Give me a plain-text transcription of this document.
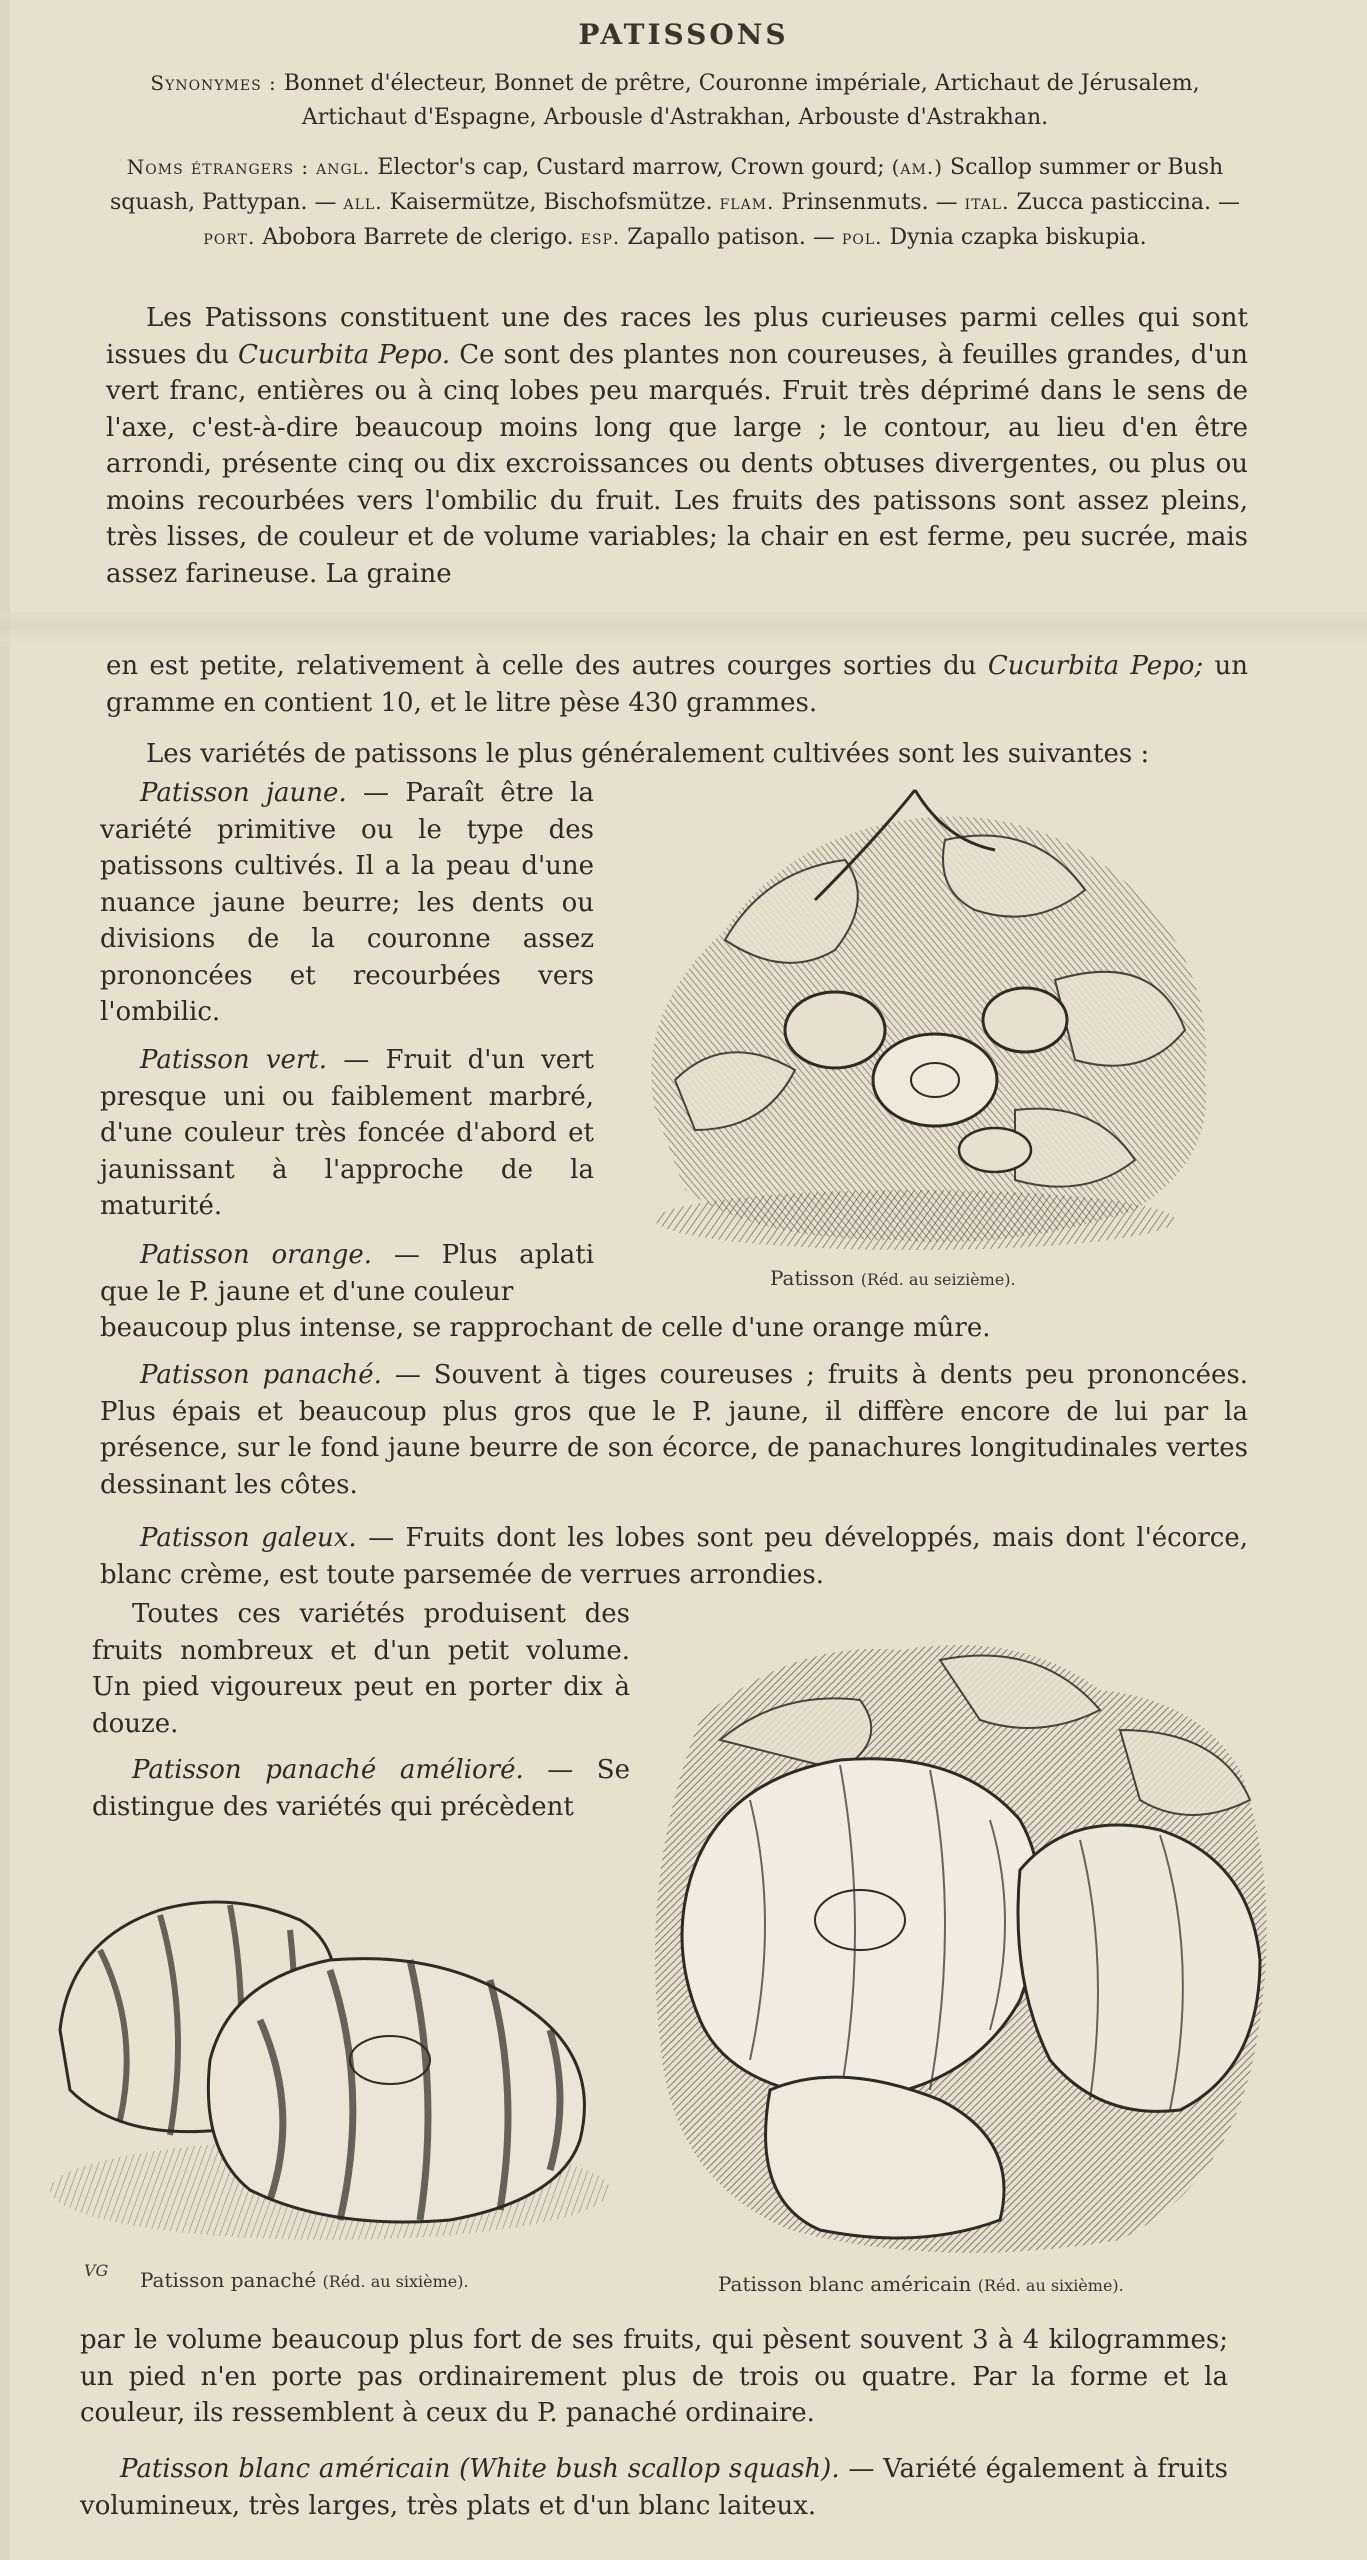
PATISSONS
Synonymes : Bonnet d'électeur, Bonnet de prêtre, Couronne impériale, Artichaut de Jérusalem, Artichaut d'Espagne, Arbousle d'Astrakhan, Arbouste d'Astrakhan.
Noms étrangers : angl. Elector's cap, Custard marrow, Crown gourd; (am.) Scallop summer or Bush squash, Pattypan. — all. Kaisermütze, Bischofsmütze. flam. Prinsenmuts. — ital. Zucca pasticcina. — port. Abobora Barrete de clerigo. esp. Zapallo patison. — pol. Dynia czapka biskupia.
Les Patissons constituent une des races les plus curieuses parmi celles qui sont issues du Cucurbita Pepo. Ce sont des plantes non coureuses, à feuilles grandes, d'un vert franc, entières ou à cinq lobes peu marqués. Fruit très déprimé dans le sens de l'axe, c'est-à-dire beaucoup moins long que large ; le contour, au lieu d'en être arrondi, présente cinq ou dix excroissances ou dents obtuses divergentes, ou plus ou moins recourbées vers l'ombilic du fruit. Les fruits des patissons sont assez pleins, très lisses, de couleur et de volume variables; la chair en est ferme, peu sucrée, mais assez farineuse. La graine
en est petite, relativement à celle des autres courges sorties du Cucurbita Pepo; un gramme en contient 10, et le litre pèse 430 grammes.
Les variétés de patissons le plus généralement cultivées sont les suivantes :
Patisson jaune. — Paraît être la variété primitive ou le type des patissons cultivés. Il a la peau d'une nuance jaune beurre; les dents ou divisions de la couronne assez prononcées et recourbées vers l'ombilic.
Patisson vert. — Fruit d'un vert presque uni ou faiblement marbré, d'une couleur très foncée d'abord et jaunissant à l'approche de la maturité.
Patisson orange. — Plus aplati que le P. jaune et d'une couleur
beaucoup plus intense, se rapprochant de celle d'une orange mûre.
Patisson panaché. — Souvent à tiges coureuses ; fruits à dents peu prononcées. Plus épais et beaucoup plus gros que le P. jaune, il diffère encore de lui par la présence, sur le fond jaune beurre de son écorce, de panachures longitudinales vertes dessinant les côtes.
Patisson galeux. — Fruits dont les lobes sont peu développés, mais dont l'écorce, blanc crème, est toute parsemée de verrues arrondies.
Toutes ces variétés produisent des fruits nombreux et d'un petit volume. Un pied vigoureux peut en porter dix à douze.
Patisson panaché amélioré. — Se distingue des variétés qui précèdent
par le volume beaucoup plus fort de ses fruits, qui pèsent souvent 3 à 4 kilogrammes; un pied n'en porte pas ordinairement plus de trois ou quatre. Par la forme et la couleur, ils ressemblent à ceux du P. panaché ordinaire.
Patisson blanc américain (White bush scallop squash). — Variété également à fruits volumineux, très larges, très plats et d'un blanc laiteux.
Patisson (Réd. au seizième).
VG Patisson panaché (Réd. au sixième).	Patisson blanc américain (Réd. au sixième).
